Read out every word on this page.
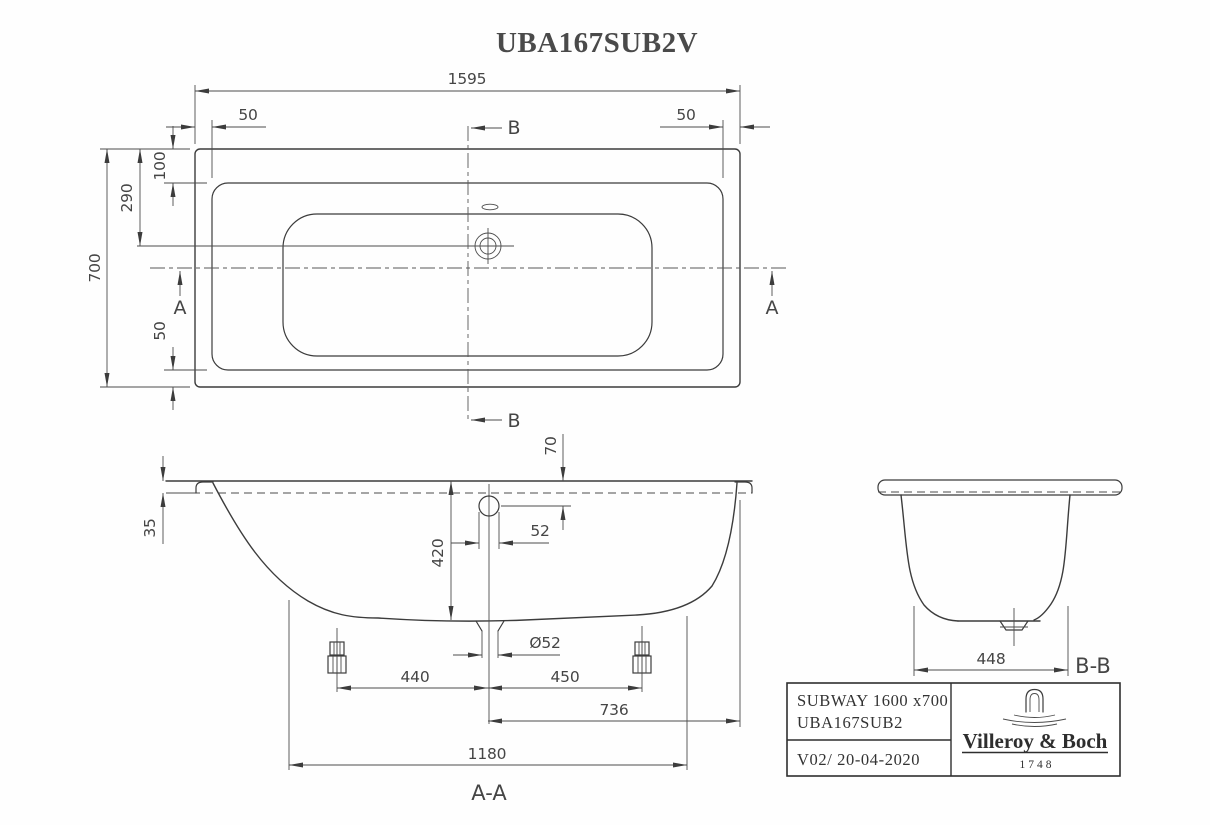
UBA167SUB2V
1595
50	50
700
290
100
50
B
B
A	A
35
70
52
420
Ø52
440	450
736
1180
A-A
448	B-B
SUBWAY 1600 x700
UBA167SUB2
V02/ 20-04-2020
Villeroy & Boch
1748
